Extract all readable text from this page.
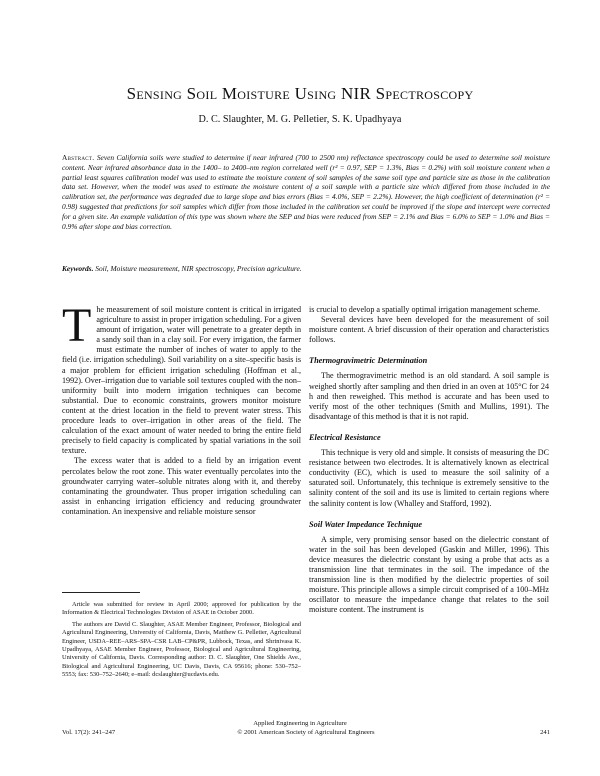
Sensing Soil Moisture Using NIR Spectroscopy
D. C. Slaughter, M. G. Pelletier, S. K. Upadhyaya
Abstract. Seven California soils were studied to determine if near infrared (700 to 2500 nm) reflectance spectroscopy could be used to determine soil moisture content. Near infrared absorbance data in the 1400– to 2400–nm region correlated well (r² = 0.97, SEP = 1.3%, Bias = 0.2%) with soil moisture content when a partial least squares calibration model was used to estimate the moisture content of soil samples of the same soil type and particle size as those in the calibration data set. However, when the model was used to estimate the moisture content of a soil sample with a particle size which differed from those included in the calibration set, the performance was degraded due to large slope and bias errors (Bias = 4.0%, SEP = 2.2%). However, the high coefficient of determination (r² = 0.98) suggested that predictions for soil samples which differ from those included in the calibration set could be improved if the slope and intercept were corrected for a given site. An example validation of this type was shown where the SEP and bias were reduced from SEP = 2.1% and Bias = 6.0% to SEP = 1.0% and Bias = 0.9% after slope and bias correction.
Keywords. Soil, Moisture measurement, NIR spectroscopy, Precision agriculture.

The measurement of soil moisture content is critical in irrigated agriculture to assist in proper irrigation scheduling. For a given amount of irrigation, water will penetrate to a greater depth in a sandy soil than in a clay soil. For every irrigation, the farmer must estimate the number of inches of water to apply to the field (i.e. irrigation scheduling). Soil variability on a site–specific basis is a major problem for efficient irrigation scheduling (Hoffman et al., 1992). Over–irrigation due to variable soil textures coupled with the non–uniformity built into modern irrigation techniques can become substantial. Due to economic constraints, growers monitor moisture content at the driest location in the field to prevent water stress. This procedure leads to over–irrigation in other areas of the field. The calculation of the exact amount of water needed to bring the entire field precisely to field capacity is complicated by spatial variations in the soil texture.

The excess water that is added to a field by an irrigation event percolates below the root zone. This water eventually percolates into the groundwater carrying water–soluble nitrates along with it, and thereby contaminating the groundwater. Thus proper irrigation scheduling can assist in enhancing irrigation efficiency and reducing groundwater contamination. An inexpensive and reliable moisture sensor

is crucial to develop a spatially optimal irrigation management scheme.

Several devices have been developed for the measurement of soil moisture content. A brief discussion of their operation and characteristics follows.

Thermogravimetric Determination

The thermogravimetric method is an old standard. A soil sample is weighed shortly after sampling and then dried in an oven at 105°C for 24 h and then reweighed. This method is accurate and has been used to verify most of the other techniques (Smith and Mullins, 1991). The disadvantage of this method is that it is not rapid.

Electrical Resistance

This technique is very old and simple. It consists of measuring the DC resistance between two electrodes. It is alternatively known as electrical conductivity (EC), which is used to measure the soil salinity of a saturated soil. Unfortunately, this technique is extremely sensitive to the salinity content of the soil and its use is limited to certain regions where the salinity content is low (Whalley and Stafford, 1992).

Soil Water Impedance Technique

A simple, very promising sensor based on the dielectric constant of water in the soil has been developed (Gaskin and Miller, 1996). This device measures the dielectric constant by using a probe that acts as a transmission line that terminates in the soil. The impedance of the transmission line is then modified by the dielectric properties of soil moisture. This principle allows a simple circuit comprised of a 100–MHz oscillator to measure the impedance change that relates to the soil moisture content. The instrument is

Article was submitted for review in April 2000; approved for publication by the Information & Electrical Technologies Division of ASAE in October 2000.

The authors are David C. Slaughter, ASAE Member Engineer, Professor, Biological and Agricultural Engineering, University of California, Davis, Matthew G. Pelletier, Agricultural Engineer, USDA–REE–ARS–SPA–CSR LAB–CP&PR, Lubbock, Texas, and Shrinivasa K. Upadhyaya, ASAE Member Engineer, Professor, Biological and Agricultural Engineering, University of California, Davis. Corresponding author: D. C. Slaughter, One Shields Ave., Biological and Agricultural Engineering, UC Davis, Davis, CA 95616; phone: 530–752–5553; fax: 530–752–2640; e–mail: dcslaughter@ucdavis.edu.

Applied Engineering in Agriculture
Vol. 17(2): 241–247	© 2001 American Society of Agricultural Engineers	241
